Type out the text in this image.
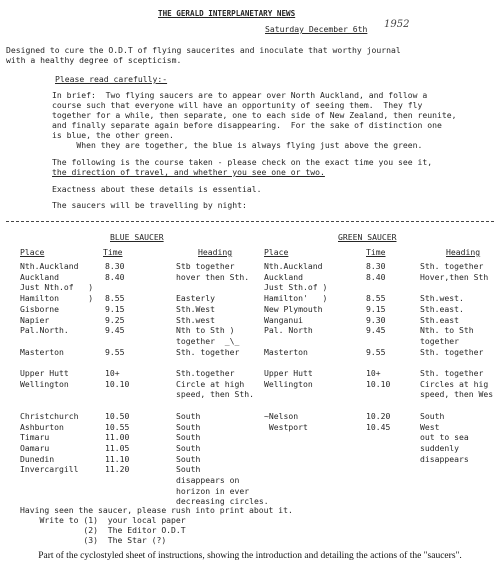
THE GERALD INTERPLANETARY NEWS
Saturday December 6th 1952
Designed to cure the O.D.T of flying saucerites and inoculate that worthy journal
with a healthy degree of scepticism.
Please read carefully:-
In brief:  Two flying saucers are to appear over North Auckland, and follow a
course such that everyone will have an opportunity of seeing them.  They fly
together for a while, then separate, one to each side of New Zealand, then reunite,
and finally separate again before disappearing.  For the sake of distinction one
is blue, the other green.
When they are together, the blue is always flying just above the green.
The following is the course taken - please check on the exact time you see it,
the direction of travel, and whether you see one or two.
Exactness about these details is essential.
The saucers will be travelling by night:
BLUE SAUCER
Place	Time	Heading
Nth.Auckland	8.30	Stb together
Auckland	8.40	hover then Sth.
Just Nth.of   )
Hamilton      ) 8.55	Easterly
Gisborne	9.15	Sth.West
Napier	9.25	Sth.west
Pal.North.	9.45	Nth to Sth )
together  _\_
Masterton	9.55	Sth. together
Upper Hutt	10+	Sth.together
Wellington	10.10	Circle at high
speed, then Sth.
Christchurch	10.50	South
Ashburton	10.55	South
Timaru	11.00	South
Oamaru	11.05	South
Dunedin	11.10	South
Invercargill	11.20	South
disappears on
horizon in ever
decreasing circles.
GREEN SAUCER
Place	Time	Heading
Nth.Auckland	8.30	Sth. together
Auckland	8.40	Hover,then Sth
Just Sth.of )
Hamilton'   )	8.55	Sth.west.
New Plymouth	9.15	Sth.east.
Wanganui	9.30	Sth.east
Pal. North	9.45	Nth. to Sth
together
Masterton	9.55	Sth. together
Upper Hutt	10+	Sth. together
Wellington	10.10	Circles at hig
speed, then Wes
~Nelson	10.20	South
Westport	10.45	West
out to sea
suddenly
disappears
Having seen the saucer, please rush into print about it.
Write to (1)  your local paper
(2)  The Editor O.D.T
(3)  The Star (?)
Part of the cyclostyled sheet of instructions, showing the introduction and detailing the actions of the "saucers".
